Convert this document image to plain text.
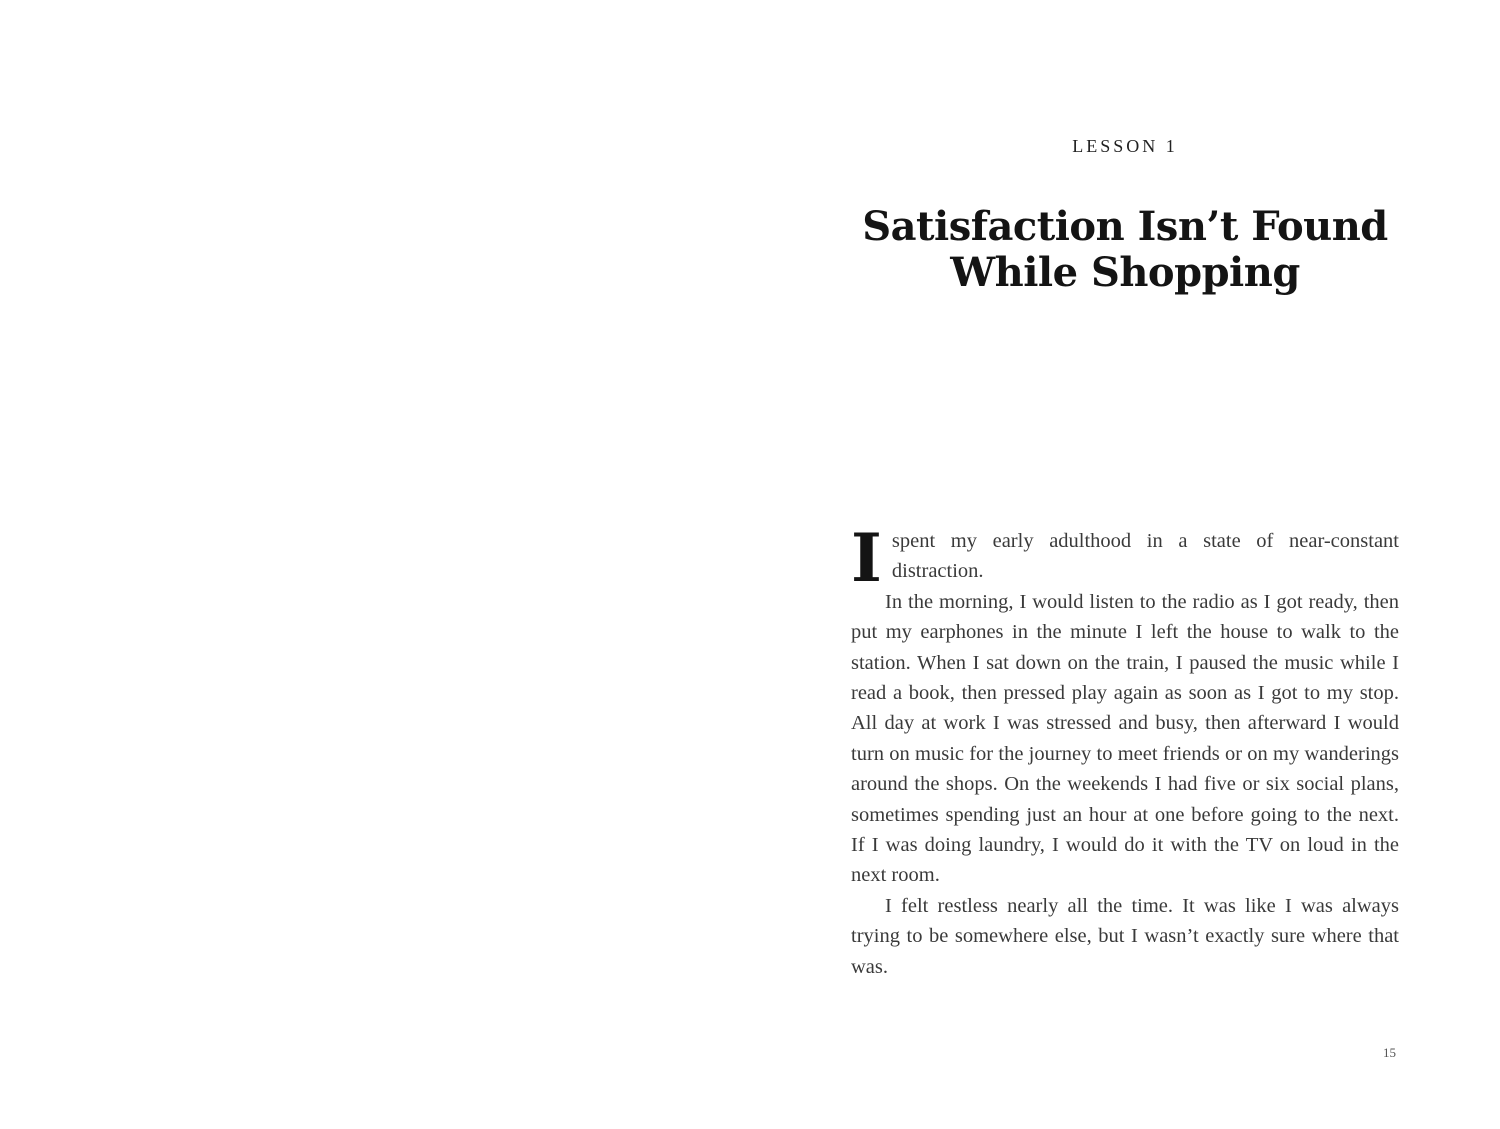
LESSON 1
Satisfaction Isn’t Found
While Shopping

Ispent my early adulthood in a state of near-constant distraction.

In the morning, I would listen to the radio as I got ready, then put my earphones in the minute I left the house to walk to the station. When I sat down on the train, I paused the music while I read a book, then pressed play again as soon as I got to my stop. All day at work I was stressed and busy, then afterward I would turn on music for the journey to meet friends or on my wanderings around the shops. On the weekends I had five or six social plans, sometimes spending just an hour at one before going to the next. If I was doing laundry, I would do it with the TV on loud in the next room.

I felt restless nearly all the time. It was like I was always trying to be somewhere else, but I wasn’t exactly sure where that was.

15
